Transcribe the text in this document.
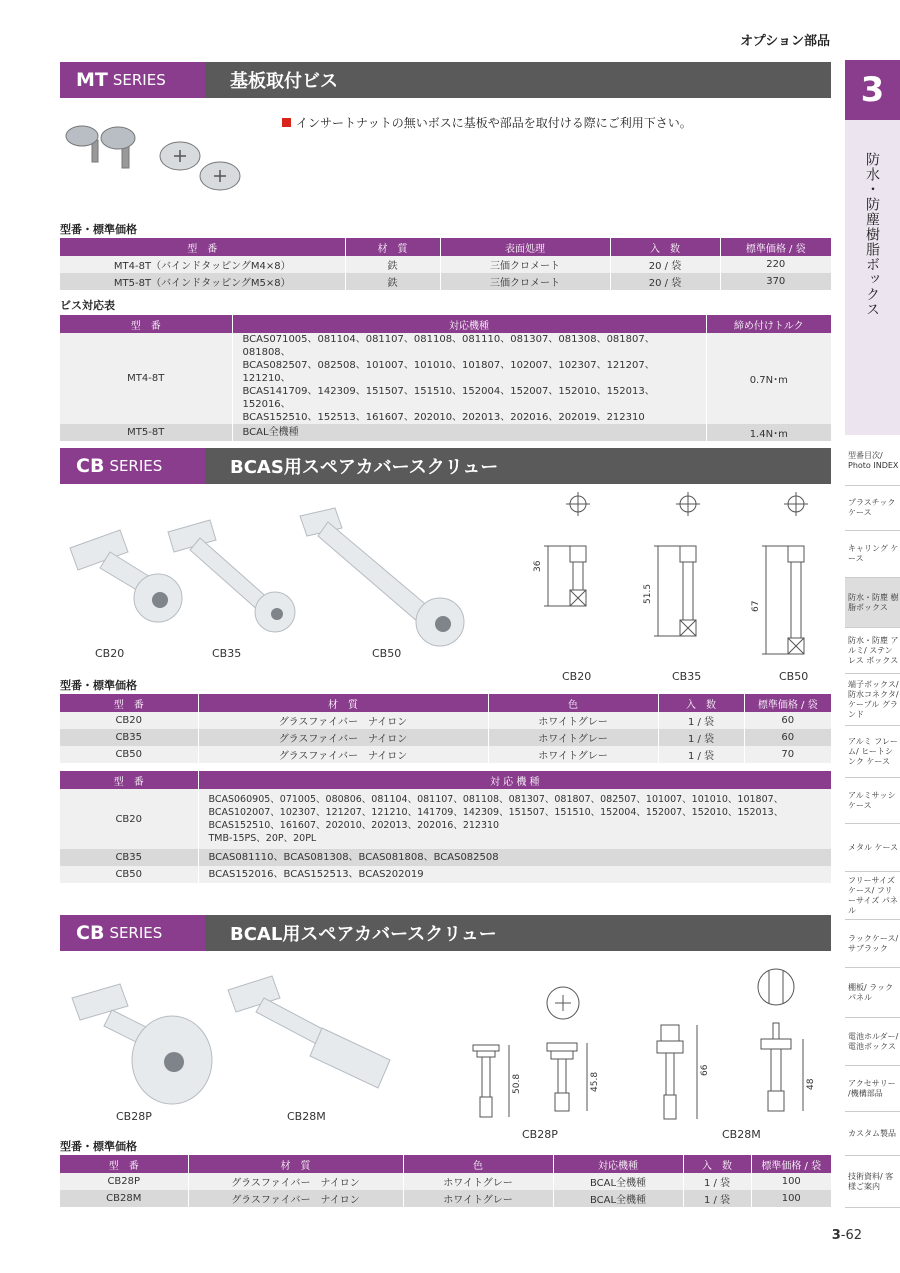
オプション部品
MT SERIES	基板取付ビス
インサートナットの無いボスに基板や部品を取付ける際にご利用下さい。
型番・標準価格
型　番	材　質	表面処理	入　数	標準価格 / 袋
MT4-8T（バインドタッピングM4×8）	鉄	三価クロメート	20 / 袋	220
MT5-8T（バインドタッピングM5×8）	鉄	三価クロメート	20 / 袋	370
ビス対応表
型　番	対応機種	締め付けトルク
MT4-8T	BCAS071005、081104、081107、081108、081110、081307、081308、081807、081808、
BCAS082507、082508、101007、101010、101807、102007、102307、121207、121210、
BCAS141709、142309、151507、151510、152004、152007、152010、152013、152016、
BCAS152510、152513、161607、202010、202013、202016、202019、212310	0.7N･m
MT5-8T	BCAL全機種	1.4N･m
CB SERIES	BCAS用スペアカバースクリュー
CB20	CB35	CB50
36
51.5
67
CB20	CB35	CB50
型番・標準価格
型　番	材　質	色	入　数	標準価格 / 袋
CB20	グラスファイバー　ナイロン	ホワイトグレー	1 / 袋	60
CB35	グラスファイバー　ナイロン	ホワイトグレー	1 / 袋	60
CB50	グラスファイバー　ナイロン	ホワイトグレー	1 / 袋	70
型　番	対 応 機 種
CB20	BCAS060905、071005、080806、081104、081107、081108、081307、081807、082507、101007、101010、101807、
BCAS102007、102307、121207、121210、141709、142309、151507、151510、152004、152007、152010、152013、
BCAS152510、161607、202010、202013、202016、212310
TMB-15PS、20P、20PL
CB35	BCAS081110、BCAS081308、BCAS081808、BCAS082508
CB50	BCAS152016、BCAS152513、BCAS202019
CB SERIES	BCAL用スペアカバースクリュー
CB28P	CB28M
50.8	45.8
66
48
CB28P	CB28M
型番・標準価格
型　番	材　質	色	対応機種	入　数	標準価格 / 袋
CB28P	グラスファイバー　ナイロン	ホワイトグレー	BCAL全機種	1 / 袋	100
CB28M	グラスファイバー　ナイロン	ホワイトグレー	BCAL全機種	1 / 袋	100
3
防水・防塵樹脂ボックス
型番目次/ Photo INDEX
プラスチック ケース
キャリング ケース
防水・防塵 樹脂ボックス
防水・防塵 アルミ/ ステンレス ボックス
端子ボックス/ 防水コネクタ/ ケーブル グランド
アルミ フレーム/ ヒートシンク ケース
アルミサッシ ケース
メタル ケース
フリーサイズ ケース/ フリーサイズ パネル
ラックケース/ サブラック
棚板/ ラックパネル
電池ホルダー/ 電池ボックス
アクセサリー /機構部品
カスタム製品
技術資料/ 客様ご案内
3-62
